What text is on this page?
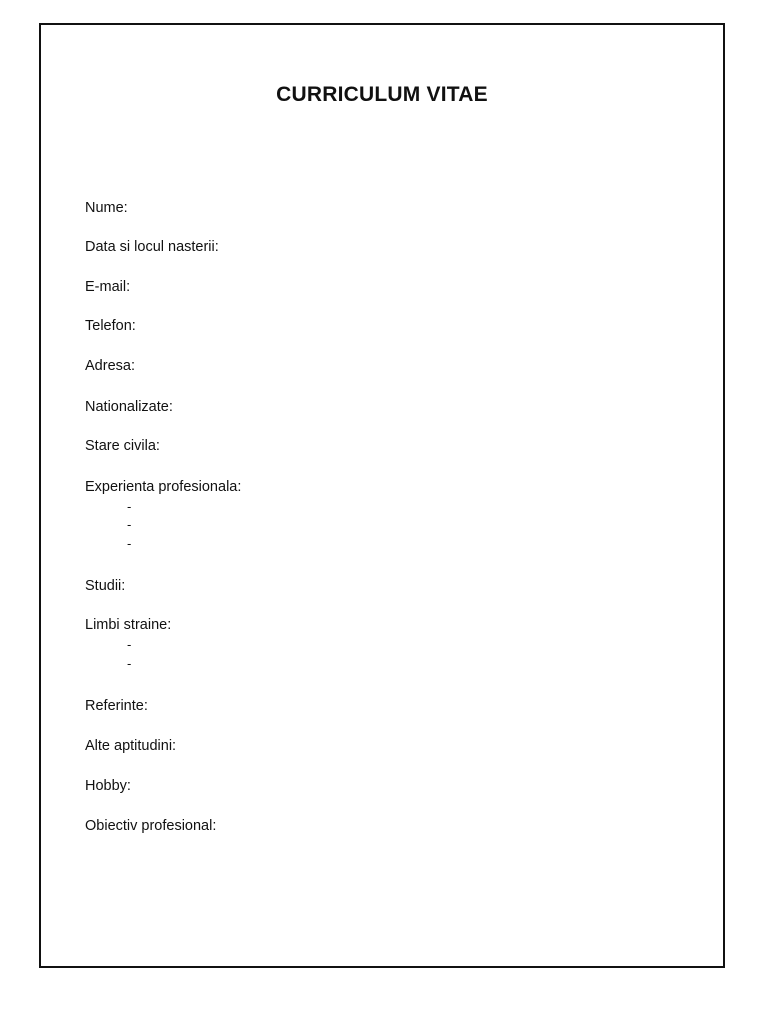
CURRICULUM VITAE
Nume:
Data si locul nasterii:
E-mail:
Telefon:
Adresa:
Nationalizate:
Stare civila:
Experienta profesionala:
-
-
-
Studii:
Limbi straine:
-
-
Referinte:
Alte aptitudini:
Hobby:
Obiectiv profesional:
